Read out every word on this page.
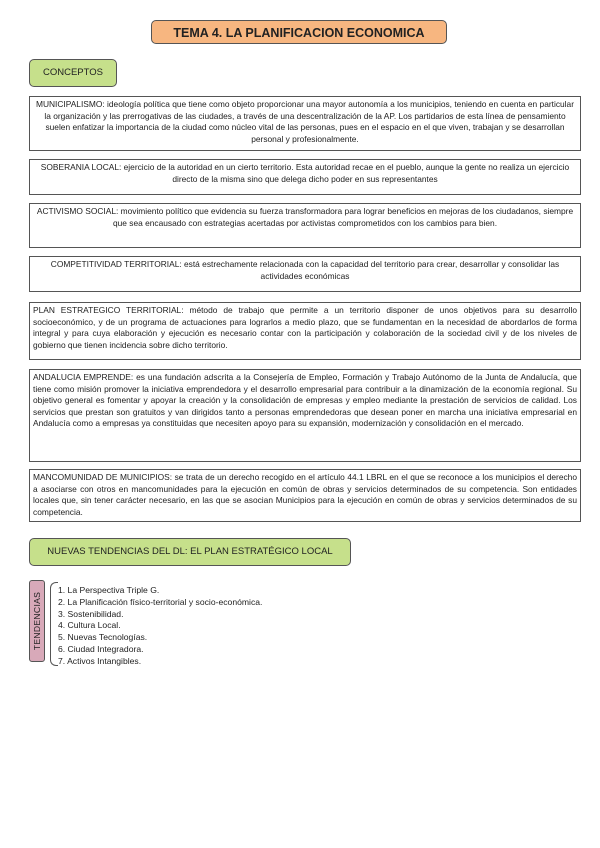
TEMA 4. LA PLANIFICACION ECONOMICA
CONCEPTOS
MUNICIPALISMO: ideología política que tiene como objeto proporcionar una mayor autonomía a los municipios, teniendo en cuenta en particular la organización y las prerrogativas de las ciudades, a través de una descentralización de la AP. Los partidarios de esta línea de pensamiento suelen enfatizar la importancia de la ciudad como núcleo vital de las personas, pues en el espacio en el que viven, trabajan y se desarrollan personal y profesionalmente.
SOBERANIA LOCAL: ejercicio de la autoridad en un cierto territorio. Esta autoridad recae en el pueblo, aunque la gente no realiza un ejercicio directo de la misma sino que delega dicho poder en sus representantes
ACTIVISMO SOCIAL: movimiento político que evidencia su fuerza transformadora para lograr beneficios en mejoras de los ciudadanos, siempre que sea encausado con estrategias acertadas por activistas comprometidos con los cambios para bien.
COMPETITIVIDAD TERRITORIAL: está estrechamente relacionada con la capacidad del territorio para crear, desarrollar y consolidar las actividades económicas
PLAN ESTRATEGICO TERRITORIAL: método de trabajo que permite a un territorio disponer de unos objetivos para su desarrollo socioeconómico, y de un programa de actuaciones para lograrlos a medio plazo, que se fundamentan en la necesidad de abordarlos de forma integral y para cuya elaboración y ejecución es necesario contar con la participación y colaboración de la sociedad civil y de los niveles de gobierno que tienen incidencia sobre dicho territorio.
ANDALUCIA EMPRENDE: es una fundación adscrita a la Consejería de Empleo, Formación y Trabajo Autónomo de la Junta de Andalucía, que tiene como misión promover la iniciativa emprendedora y el desarrollo empresarial para contribuir a la dinamización de la economía regional. Su objetivo general es fomentar y apoyar la creación y la consolidación de empresas y empleo mediante la prestación de servicios de calidad. Los servicios que prestan son gratuitos y van dirigidos tanto a personas emprendedoras que desean poner en marcha una iniciativa empresarial en Andalucía como a empresas ya constituidas que necesiten apoyo para su expansión, modernización y consolidación en el mercado.
MANCOMUNIDAD DE MUNICIPIOS: se trata de un derecho recogido en el artículo 44.1 LBRL en el que se reconoce a los municipios el derecho a asociarse con otros en mancomunidades para la ejecución en común de obras y servicios determinados de su competencia. Son entidades locales que, sin tener carácter necesario, en las que se asocian Municipios para la ejecución en común de obras y servicios determinados de su competencia.
NUEVAS TENDENCIAS DEL DL: EL PLAN ESTRATÉGICO LOCAL
TENDENCIAS
1. La Perspectiva Triple G.
2. La Planificación físico-territorial y socio-económica.
3. Sostenibilidad.
4. Cultura Local.
5. Nuevas Tecnologías.
6. Ciudad Integradora.
7. Activos Intangibles.
